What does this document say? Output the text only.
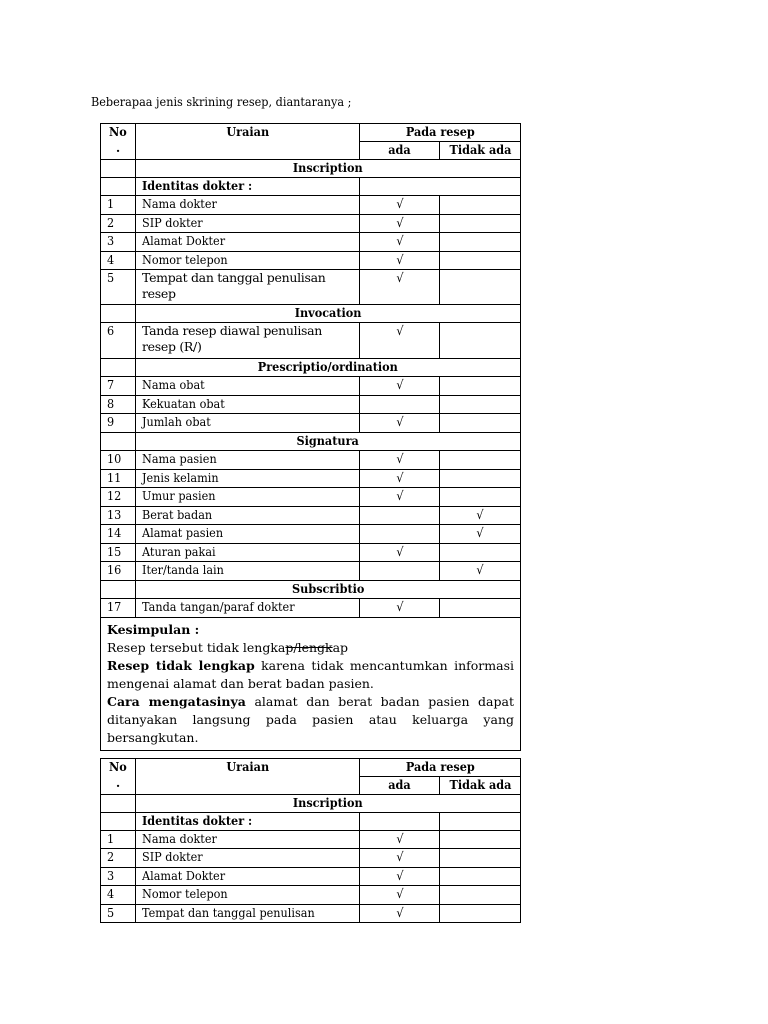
Beberapaa jenis skrining resep, diantaranya ;
No
.	Uraian	Pada resep	
		ada	Tidak ada
	Inscription		
	Identitas dokter :		
1	Nama dokter	√	
2	SIP dokter	√	
3	Alamat Dokter	√	
4	Nomor telepon	√	
5	Tempat dan tanggal penulisan resep	√	
	Invocation		
6	Tanda resep diawal penulisan resep (R/)	√	
	Prescriptio/ordination		
7	Nama obat	√	
8	Kekuatan obat		
9	Jumlah obat	√	
	Signatura		
10	Nama pasien	√	
11	Jenis kelamin	√	
12	Umur pasien	√	
13	Berat badan		√
14	Alamat pasien		√
15	Aturan pakai	√	
16	Iter/tanda lain		√
	Subscribtio		
17	Tanda tangan/paraf dokter	√	

Kesimpulan :

Resep tersebut tidak lengkap/lengkap

Resep tidak lengkap karena tidak mencantumkan informasi mengenai alamat dan berat badan pasien.

Cara mengatasinya alamat dan berat badan pasien dapat ditanyakan langsung pada pasien atau keluarga yang bersangkutan.			

No
.	Uraian	Pada resep	
		ada	Tidak ada
	Inscription		
	Identitas dokter :		
1	Nama dokter	√	
2	SIP dokter	√	
3	Alamat Dokter	√	
4	Nomor telepon	√	
5	Tempat dan tanggal penulisan	√	
